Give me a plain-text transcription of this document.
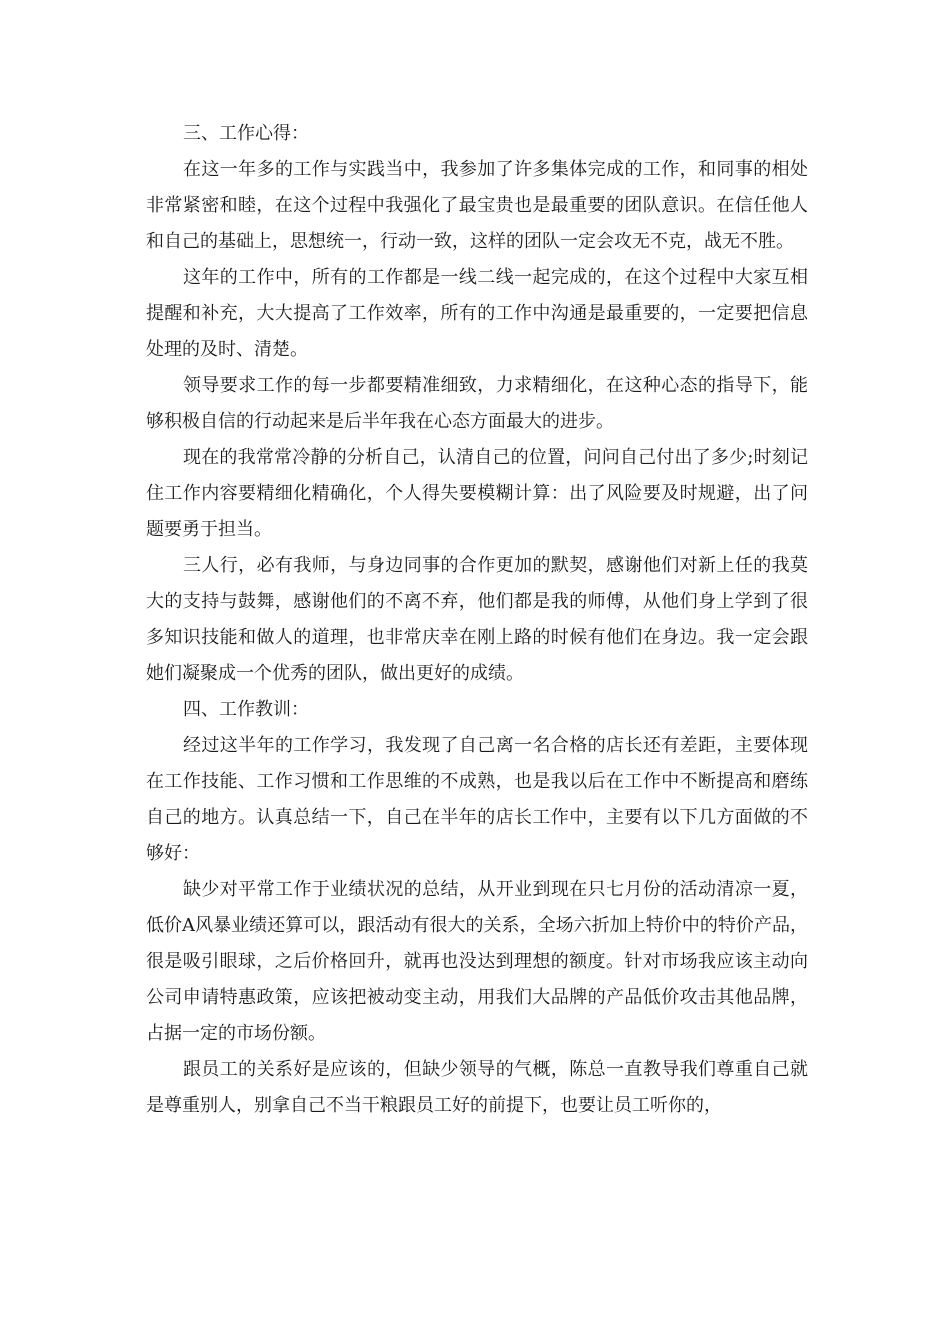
三、工作心得：

在这一年多的工作与实践当中，我参加了许多集体完成的工作，和同事的相处非常紧密和睦，在这个过程中我强化了最宝贵也是最重要的团队意识。在信任他人和自己的基础上，思想统一，行动一致，这样的团队一定会攻无不克，战无不胜。

这年的工作中，所有的工作都是一线二线一起完成的，在这个过程中大家互相提醒和补充，大大提高了工作效率，所有的工作中沟通是最重要的，一定要把信息处理的及时、清楚。

领导要求工作的每一步都要精准细致，力求精细化，在这种心态的指导下，能够积极自信的行动起来是后半年我在心态方面最大的进步。

现在的我常常冷静的分析自己，认清自己的位置，问问自己付出了多少;时刻记住工作内容要精细化精确化，个人得失要模糊计算：出了风险要及时规避，出了问题要勇于担当。

三人行，必有我师，与身边同事的合作更加的默契，感谢他们对新上任的我莫大的支持与鼓舞，感谢他们的不离不弃，他们都是我的师傅，从他们身上学到了很多知识技能和做人的道理，也非常庆幸在刚上路的时候有他们在身边。我一定会跟她们凝聚成一个优秀的团队，做出更好的成绩。

四、工作教训：

经过这半年的工作学习，我发现了自己离一名合格的店长还有差距，主要体现在工作技能、工作习惯和工作思维的不成熟，也是我以后在工作中不断提高和磨练自己的地方。认真总结一下，自己在半年的店长工作中，主要有以下几方面做的不够好：

缺少对平常工作于业绩状况的总结，从开业到现在只七月份的活动清凉一夏，低价A风暴业绩还算可以，跟活动有很大的关系，全场六折加上特价中的特价产品，很是吸引眼球，之后价格回升，就再也没达到理想的额度。针对市场我应该主动向公司申请特惠政策，应该把被动变主动，用我们大品牌的产品低价攻击其他品牌，占据一定的市场份额。

跟员工的关系好是应该的，但缺少领导的气概，陈总一直教导我们尊重自己就是尊重别人，别拿自己不当干粮跟员工好的前提下，也要让员工听你的，
